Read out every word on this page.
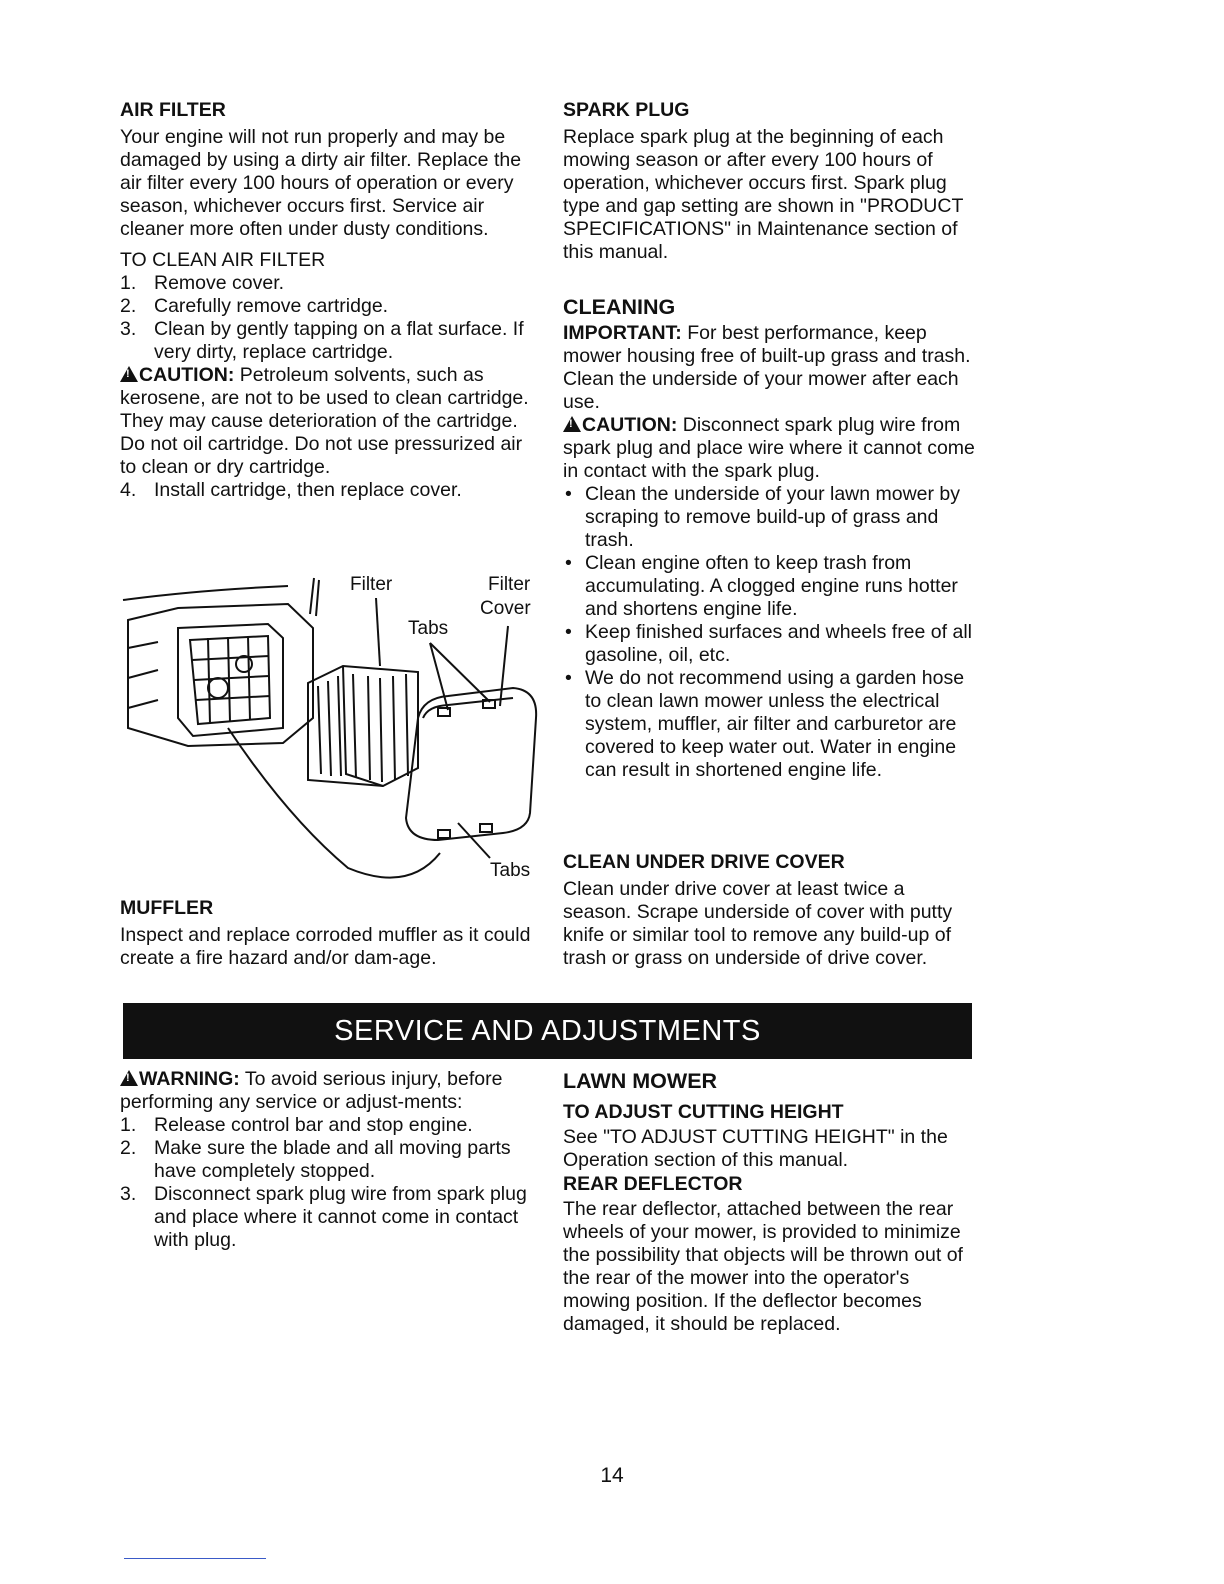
AIR FILTER

Your engine will not run properly and may be damaged by using a dirty air filter. Replace the air filter every 100 hours of operation or every season, whichever occurs first. Service air cleaner more often under dusty conditions.

TO CLEAN AIR FILTER

1. Remove cover.
2. Carefully remove cartridge.
3. Clean by gently tapping on a flat surface. If very dirty, replace cartridge.

!CAUTION: Petroleum solvents, such as kerosene, are not to be used to clean cartridge. They may cause deterioration of the cartridge. Do not oil cartridge. Do not use pressurized air to clean or dry cartridge.

4. Install cartridge, then replace cover.
Filter	Filter
Cover
Tabs
Tabs
MUFFLER

Inspect and replace corroded muffler as it could create a fire hazard and/or dam-age.

SPARK PLUG

Replace spark plug at the beginning of each mowing season or after every 100 hours of operation, whichever occurs first. Spark plug type and gap setting are shown in "PRODUCT SPECIFICATIONS" in Maintenance section of this manual.

CLEANING

IMPORTANT: For best performance, keep mower housing free of built-up grass and trash. Clean the underside of your mower after each use.

!CAUTION: Disconnect spark plug wire from spark plug and place wire where it cannot come in contact with the spark plug.

• Clean the underside of your lawn mower by scraping to remove build-up of grass and trash.
• Clean engine often to keep trash from accumulating. A clogged engine runs hotter and shortens engine life.
• Keep finished surfaces and wheels free of all gasoline, oil, etc.
• We do not recommend using a garden hose to clean lawn mower unless the electrical system, muffler, air filter and carburetor are covered to keep water out. Water in engine can result in shortened engine life.
CLEAN UNDER DRIVE COVER

Clean under drive cover at least twice a season. Scrape underside of cover with putty knife or similar tool to remove any build-up of trash or grass on underside of drive cover.

SERVICE AND ADJUSTMENTS

!WARNING: To avoid serious injury, before performing any service or adjust-ments:

1. Release control bar and stop engine.
2. Make sure the blade and all moving parts have completely stopped.
3. Disconnect spark plug wire from spark plug and place where it cannot come in contact with plug.
LAWN MOWER
TO ADJUST CUTTING HEIGHT

See "TO ADJUST CUTTING HEIGHT" in the Operation section of this manual.

REAR DEFLECTOR

The rear deflector, attached between the rear wheels of your mower, is provided to minimize the possibility that objects will be thrown out of the rear of the mower into the operator's mowing position. If the deflector becomes damaged, it should be replaced.

14
